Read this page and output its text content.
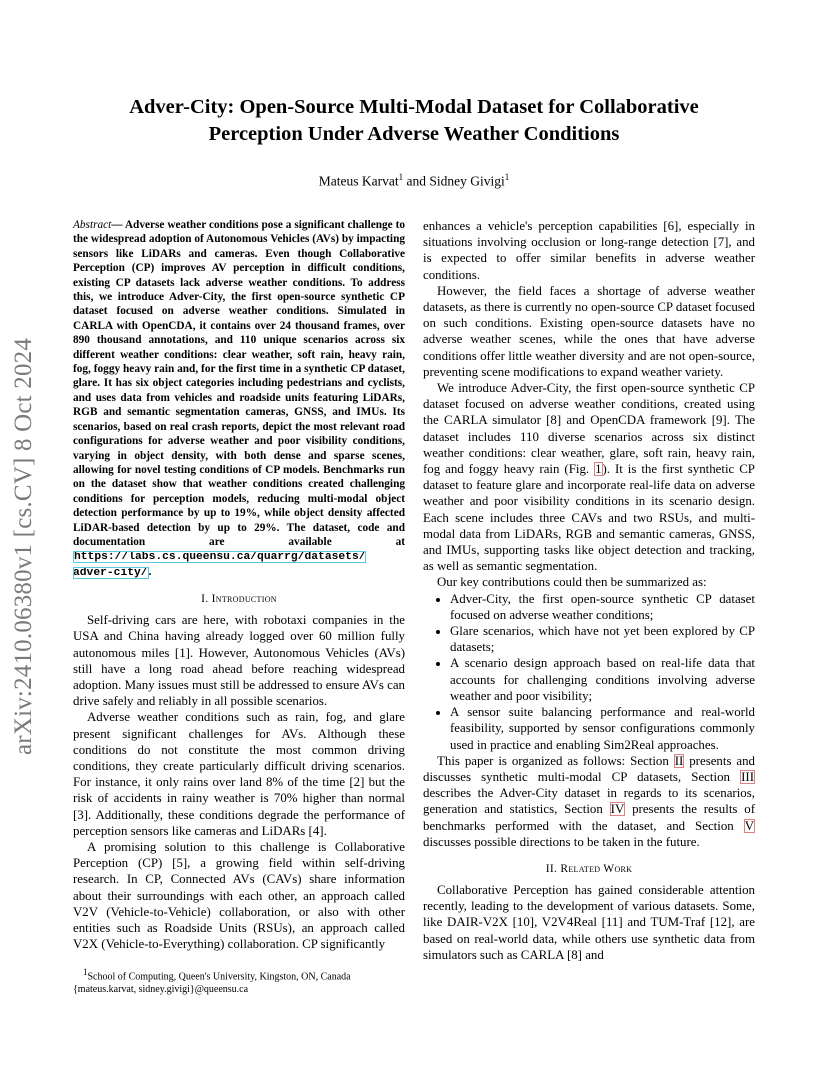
arXiv:2410.06380v1 [cs.CV] 8 Oct 2024
Adver-City: Open-Source Multi-Modal Dataset for Collaborative
Perception Under Adverse Weather Conditions
Mateus Karvat$^1$ and Sidney Givigi$^1$
Abstract— Adverse weather conditions pose a significant challenge to the widespread adoption of Autonomous Vehicles (AVs) by impacting sensors like LiDARs and cameras. Even though Collaborative Perception (CP) improves AV perception in difficult conditions, existing CP datasets lack adverse weather conditions. To address this, we introduce Adver-City, the first open-source synthetic CP dataset focused on adverse weather conditions. Simulated in CARLA with OpenCDA, it contains over 24 thousand frames, over 890 thousand annotations, and 110 unique scenarios across six different weather conditions: clear weather, soft rain, heavy rain, fog, foggy heavy rain and, for the first time in a synthetic CP dataset, glare. It has six object categories including pedestrians and cyclists, and uses data from vehicles and roadside units featuring LiDARs, RGB and semantic segmentation cameras, GNSS, and IMUs. Its scenarios, based on real crash reports, depict the most relevant road configurations for adverse weather and poor visibility conditions, varying in object density, with both dense and sparse scenes, allowing for novel testing conditions of CP models. Benchmarks run on the dataset show that weather conditions created challenging conditions for perception models, reducing multi-modal object detection performance by up to 19%, while object density affected LiDAR-based detection by up to 29%. The dataset, code and documentation are available at https://labs.cs.queensu.ca/quarrg/datasets/ adver-city/.
I. Introduction

Self-driving cars are here, with robotaxi companies in the USA and China having already logged over 60 million fully autonomous miles [1]. However, Autonomous Vehicles (AVs) still have a long road ahead before reaching widespread adoption. Many issues must still be addressed to ensure AVs can drive safely and reliably in all possible scenarios.

Adverse weather conditions such as rain, fog, and glare present significant challenges for AVs. Although these conditions do not constitute the most common driving conditions, they create particularly difficult driving scenarios. For instance, it only rains over land 8% of the time [2] but the risk of accidents in rainy weather is 70% higher than normal [3]. Additionally, these conditions degrade the performance of perception sensors like cameras and LiDARs [4].

A promising solution to this challenge is Collaborative Perception (CP) [5], a growing field within self-driving research. In CP, Connected AVs (CAVs) share information about their surroundings with each other, an approach called V2V (Vehicle-to-Vehicle) collaboration, or also with other entities such as Roadside Units (RSUs), an approach called V2X (Vehicle-to-Everything) collaboration. CP significantly

$^1$School of Computing, Queen's University, Kingston, ON, Canada
{mateus.karvat, sidney.givigi}@queensu.ca

enhances a vehicle's perception capabilities [6], especially in situations involving occlusion or long-range detection [7], and is expected to offer similar benefits in adverse weather conditions.

However, the field faces a shortage of adverse weather datasets, as there is currently no open-source CP dataset focused on such conditions. Existing open-source datasets have no adverse weather scenes, while the ones that have adverse conditions offer little weather diversity and are not open-source, preventing scene modifications to expand weather variety.

We introduce Adver-City, the first open-source synthetic CP dataset focused on adverse weather conditions, created using the CARLA simulator [8] and OpenCDA framework [9]. The dataset includes 110 diverse scenarios across six distinct weather conditions: clear weather, glare, soft rain, heavy rain, fog and foggy heavy rain (Fig. 1). It is the first synthetic CP dataset to feature glare and incorporate real-life data on adverse weather and poor visibility conditions in its scenario design. Each scene includes three CAVs and two RSUs, and multi-modal data from LiDARs, RGB and semantic cameras, GNSS, and IMUs, supporting tasks like object detection and tracking, as well as semantic segmentation.

Our key contributions could then be summarized as:

• Adver-City, the first open-source synthetic CP dataset focused on adverse weather conditions;
• Glare scenarios, which have not yet been explored by CP datasets;
• A scenario design approach based on real-life data that accounts for challenging conditions involving adverse weather and poor visibility;
• A sensor suite balancing performance and real-world feasibility, supported by sensor configurations commonly used in practice and enabling Sim2Real approaches.

This paper is organized as follows: Section II presents and discusses synthetic multi-modal CP datasets, Section III describes the Adver-City dataset in regards to its scenarios, generation and statistics, Section IV presents the results of benchmarks performed with the dataset, and Section V discusses possible directions to be taken in the future.

II. Related Work

Collaborative Perception has gained considerable attention recently, leading to the development of various datasets. Some, like DAIR-V2X [10], V2V4Real [11] and TUM-Traf [12], are based on real-world data, while others use synthetic data from simulators such as CARLA [8] and
